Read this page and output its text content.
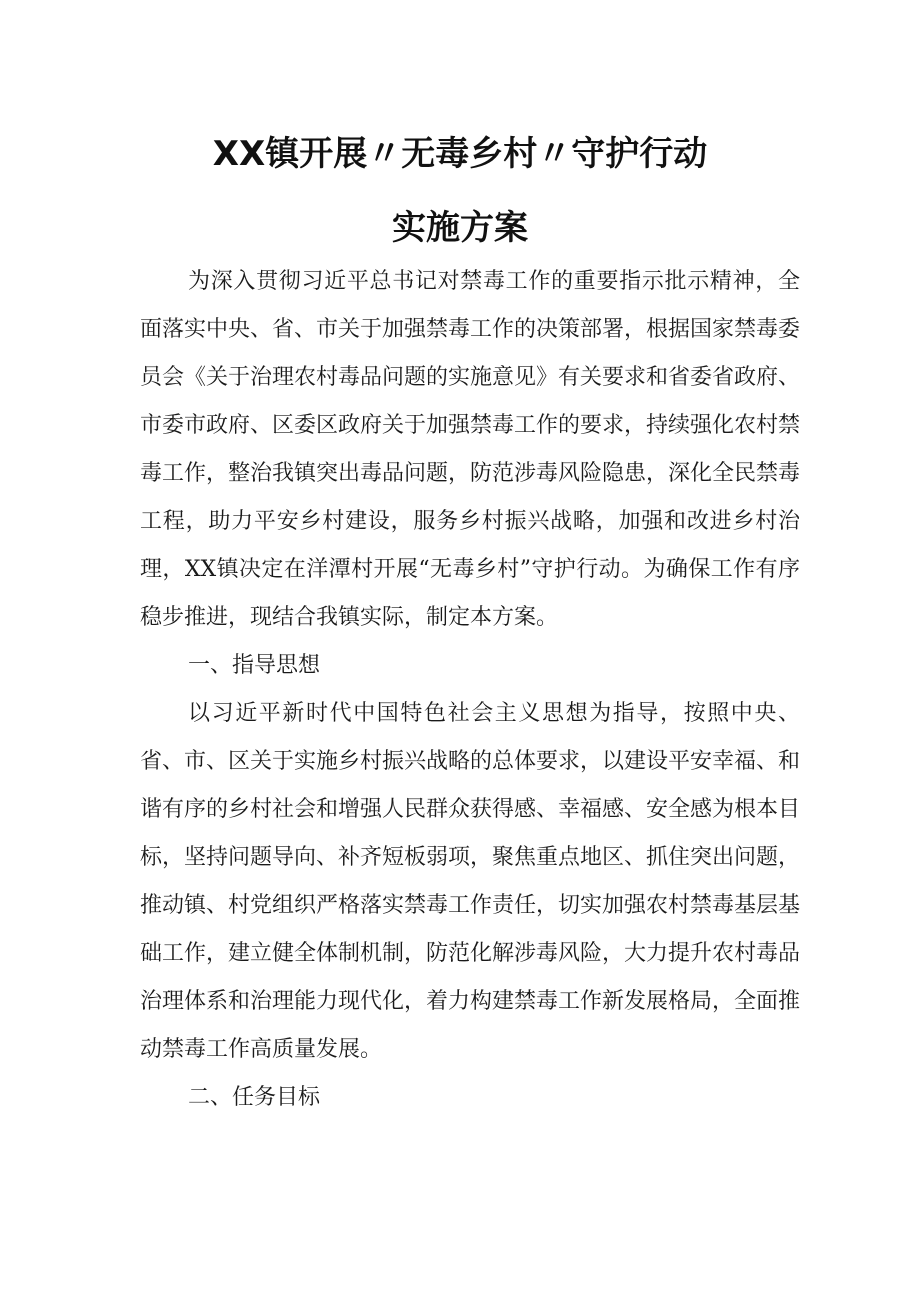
XX镇开展〃无毒乡村〃守护行动
实施方案

为深入贯彻习近平总书记对禁毒工作的重要指示批示精神，全面落实中央、省、市关于加强禁毒工作的决策部署，根据国家禁毒委员会《关于治理农村毒品问题的实施意见》有关要求和省委省政府、市委市政府、区委区政府关于加强禁毒工作的要求，持续强化农村禁毒工作，整治我镇突出毒品问题，防范涉毒风险隐患，深化全民禁毒工程，助力平安乡村建设，服务乡村振兴战略，加强和改进乡村治理，XX镇决定在洋潭村开展“无毒乡村”守护行动。为确保工作有序稳步推进，现结合我镇实际，制定本方案。

一、指导思想

以习近平新时代中国特色社会主义思想为指导，按照中央、省、市、区关于实施乡村振兴战略的总体要求，以建设平安幸福、和谐有序的乡村社会和增强人民群众获得感、幸福感、安全感为根本目标，坚持问题导向、补齐短板弱项，聚焦重点地区、抓住突出问题，推动镇、村党组织严格落实禁毒工作责任，切实加强农村禁毒基层基础工作，建立健全体制机制，防范化解涉毒风险，大力提升农村毒品治理体系和治理能力现代化，着力构建禁毒工作新发展格局，全面推动禁毒工作高质量发展。

二、任务目标
